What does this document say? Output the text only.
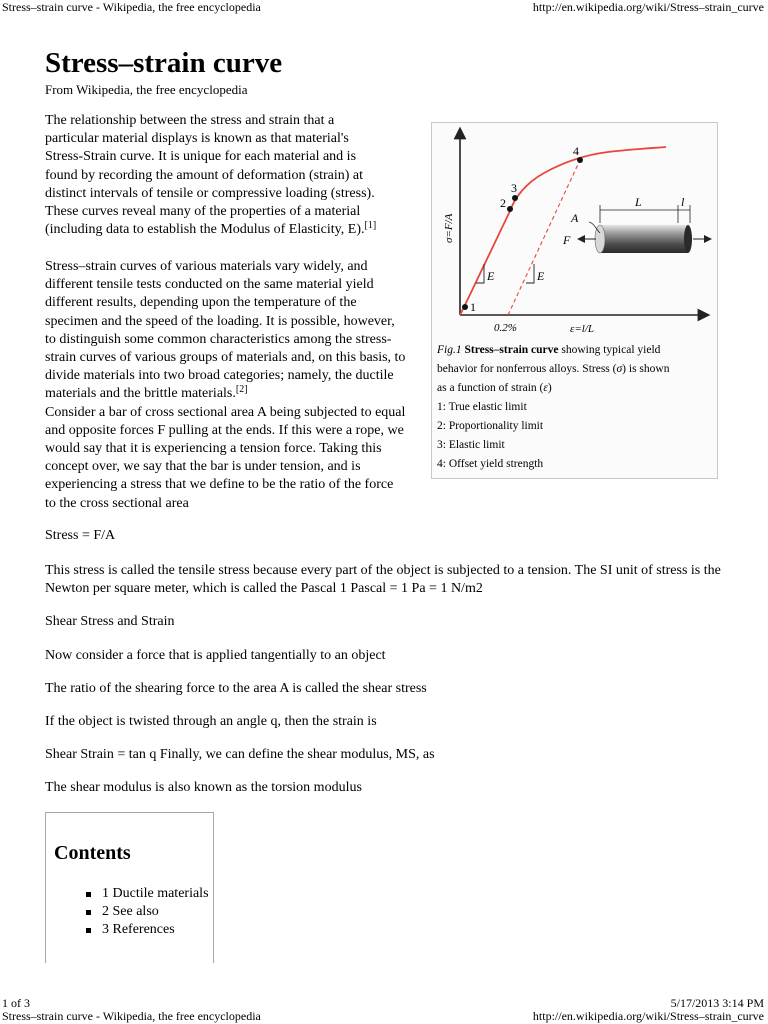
Stress–strain curve - Wikipedia, the free encyclopedia	http://en.wikipedia.org/wiki/Stress–strain_curve
Stress–strain curve
From Wikipedia, the free encyclopedia

The relationship between the stress and strain that a particular material displays is known as that material's Stress-Strain curve. It is unique for each material and is found by recording the amount of deformation (strain) at distinct intervals of tensile or compressive loading (stress). These curves reveal many of the properties of a material (including data to establish the Modulus of Elasticity, E).[1]

Stress–strain curves of various materials vary widely, and different tensile tests conducted on the same material yield different results, depending upon the temperature of the specimen and the speed of the loading. It is possible, however, to distinguish some common characteristics among the stress-strain curves of various groups of materials and, on this basis, to divide materials into two broad categories; namely, the ductile materials and the brittle materials.[2]
Consider a bar of cross sectional area A being subjected to equal and opposite forces F pulling at the ends. If this were a rope, we would say that it is experiencing a tension force. Taking this concept over, we say that the bar is under tension, and is experiencing a stress that we define to be the ratio of the force to the cross sectional area

E	E
1
2
3
4
σ=F/A
0.2%	ε=l/L
L	l
A
F
Fig.1 Stress–strain curve showing typical yield
behavior for nonferrous alloys. Stress (σ) is shown
as a function of strain (ε)
1: True elastic limit
2: Proportionality limit
3: Elastic limit
4: Offset yield strength
Stress = F/A

This stress is called the tensile stress because every part of the object is subjected to a tension. The SI unit of stress is the Newton per square meter, which is called the Pascal 1 Pascal = 1 Pa = 1 N/m2

Shear Stress and Strain
Now consider a force that is applied tangentially to an object
The ratio of the shearing force to the area A is called the shear stress
If the object is twisted through an angle q, then the strain is
Shear Strain = tan q Finally, we can define the shear modulus, MS, as
The shear modulus is also known as the torsion modulus
Contents
1 Ductile materials
2 See also
3 References
1 of 3	5/17/2013 3:14 PM
Stress–strain curve - Wikipedia, the free encyclopedia	http://en.wikipedia.org/wiki/Stress–strain_curve
